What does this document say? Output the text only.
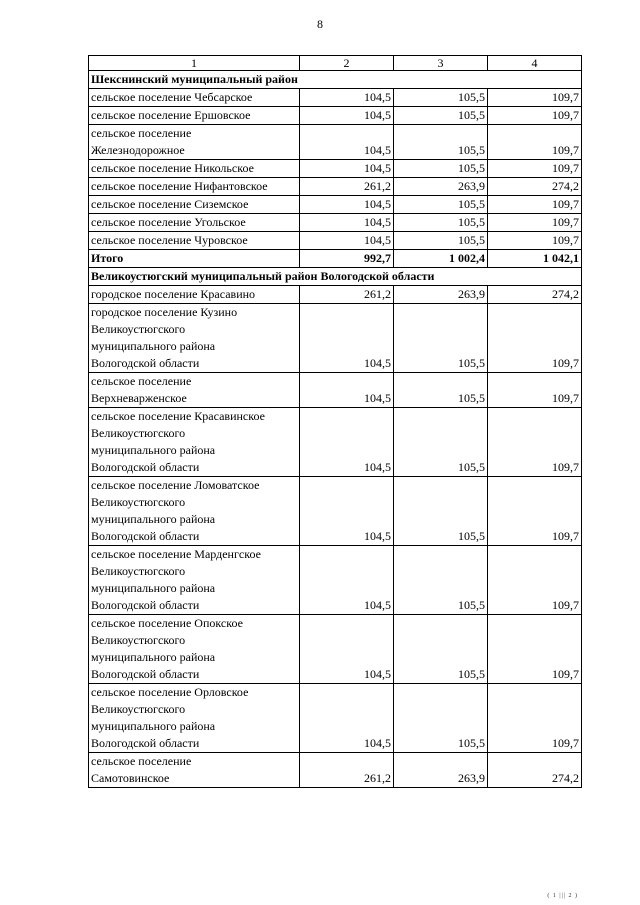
8
1	2	3	4
Шекснинский муниципальный район			
сельское поселение Чебсарское	104,5	105,5	109,7
сельское поселение Ершовское	104,5	105,5	109,7
сельское поселение
Железнодорожное	104,5	105,5	109,7
сельское поселение Никольское	104,5	105,5	109,7
сельское поселение Нифантовское	261,2	263,9	274,2
сельское поселение Сиземское	104,5	105,5	109,7
сельское поселение Угольское	104,5	105,5	109,7
сельское поселение Чуровское	104,5	105,5	109,7
Итого	992,7	1 002,4	1 042,1
Великоустюгский муниципальный район Вологодской области			
городское поселение Красавино	261,2	263,9	274,2
городское поселение Кузино
Великоустюгского
муниципального района
Вологодской области	104,5	105,5	109,7
сельское поселение
Верхневарженское	104,5	105,5	109,7
сельское поселение Красавинское
Великоустюгского
муниципального района
Вологодской области	104,5	105,5	109,7
сельское поселение Ломоватское
Великоустюгского
муниципального района
Вологодской области	104,5	105,5	109,7
сельское поселение Марденгское
Великоустюгского
муниципального района
Вологодской области	104,5	105,5	109,7
сельское поселение Опокское
Великоустюгского
муниципального района
Вологодской области	104,5	105,5	109,7
сельское поселение Орловское
Великоустюгского
муниципального района
Вологодской области	104,5	105,5	109,7
сельское поселение
Самотовинское	261,2	263,9	274,2
( 1 ||| 2 )
